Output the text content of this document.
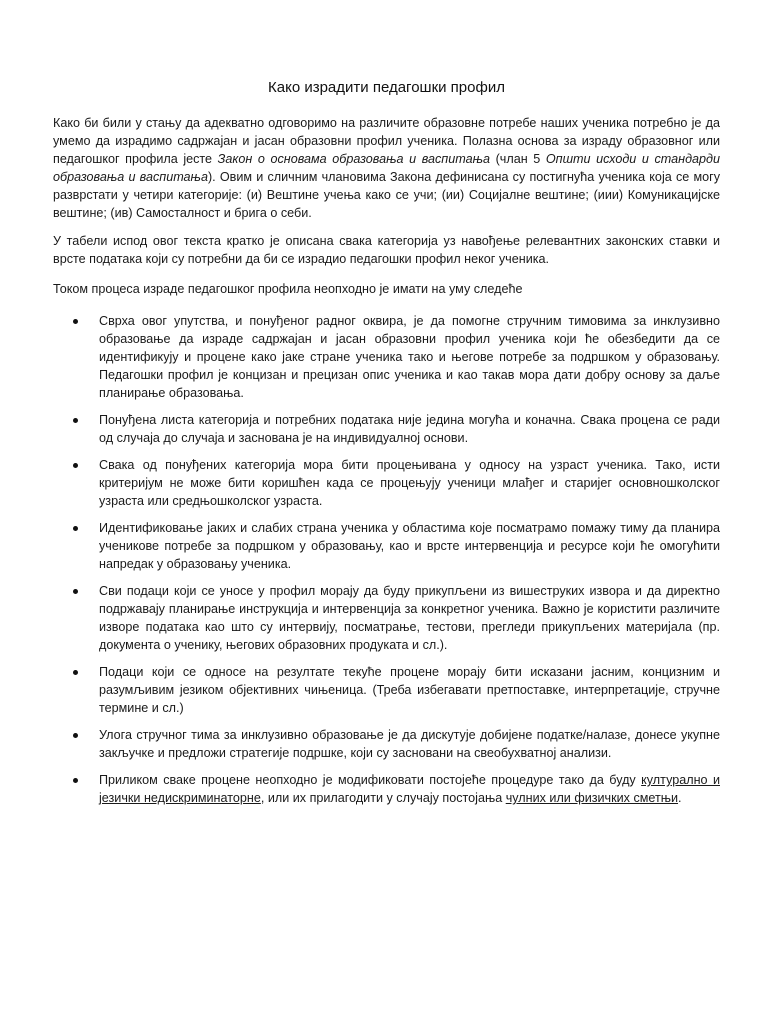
Како израдити педагошки профил

Како би били у стању да адекватно одговоримо на различите образовне потребе наших ученика потребно је да умемо да израдимо садржајан и јасан образовни профил ученика. Полазна основа за израду образовног или педагошког профила јесте Закон о основама образовања и васпитања (члан 5 Општи исходи и стандарди образовања и васпитања). Овим и сличним члановима Закона дефинисана су постигнућа ученика која се могу разврстати у четири категорије: (и) Вештине учења како се учи; (ии) Социјалне вештине; (иии) Комуникацијске вештине; (ив) Самосталност и брига о себи.

У табели испод овог текста кратко је описана свака категорија уз навођење релевантних законских ставки и врсте података који су потребни да би се израдио педагошки профил неког ученика.

Током процеса израде педагошког профила неопходно је имати на уму следеће

Сврха овог упутства, и понуђеног радног оквира, је да помогне стручним тимовима за инклузивно образовање да израде садржајан и јасан образовни профил ученика који ће обезбедити да се идентификују и процене како јаке стране ученика тако и његове потребе за подршком у образовању. Педагошки профил је концизан и прецизан опис ученика и као такав мора дати добру основу за даље планирање образовања.
Понуђена листа категорија и потребних података није једина могућа и коначна. Свака процена се ради од случаја до случаја и заснована је на индивидуалној основи.
Свака од понуђених категорија мора бити процењивана у односу на узраст ученика. Тако, исти критеријум не може бити коришћен када се процењују ученици млађег и старијег основношколског узраста или средњошколског узраста.
Идентификовање јаких и слабих страна ученика у областима које посматрамо помажу тиму да планира ученикове потребе за подршком у образовању, као и врсте интервенција и ресурсе који ће омогућити напредак у образовању ученика.
Сви подаци који се уносе у профил морају да буду прикупљени из вишеструких извора и да директно подржавају планирање инструкција и интервенција за конкретног ученика. Важно је користити различите изворе података као што су интервију, посматрање, тестови, прегледи прикупљених материјала (пр. документа о ученику, његових образовних продуката и сл.).
Подаци који се односе на резултате текуће процене морају бити исказани јасним, концизним и разумљивим језиком објективних чињеница. (Треба избегавати претпоставке, интерпретације, стручне термине и сл.)
Улога стручног тима за инклузивно образовање је да дискутује добијене податке/налазе, донесе укупне закључке и предложи стратегије подршке, који су засновани на свеобухватној анализи.
Приликом сваке процене неопходно је модификовати постојеће процедуре тако да буду културално и језички недискриминаторне, или их прилагодити у случају постојања чулних или физичких сметњи.
